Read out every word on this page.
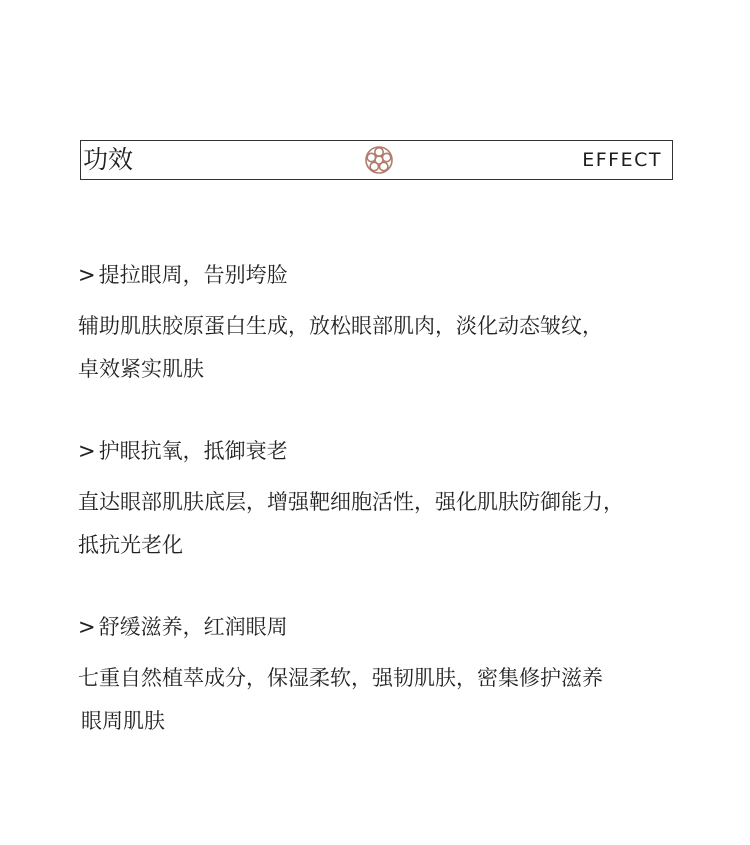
功效	EFFECT
> 提拉眼周，告别垮脸
辅助肌肤胶原蛋白生成，放松眼部肌肉，淡化动态皱纹，
卓效紧实肌肤
> 护眼抗氧，抵御衰老
直达眼部肌肤底层，增强靶细胞活性，强化肌肤防御能力，
抵抗光老化
> 舒缓滋养，红润眼周
七重自然植萃成分，保湿柔软，强韧肌肤，密集修护滋养
眼周肌肤
